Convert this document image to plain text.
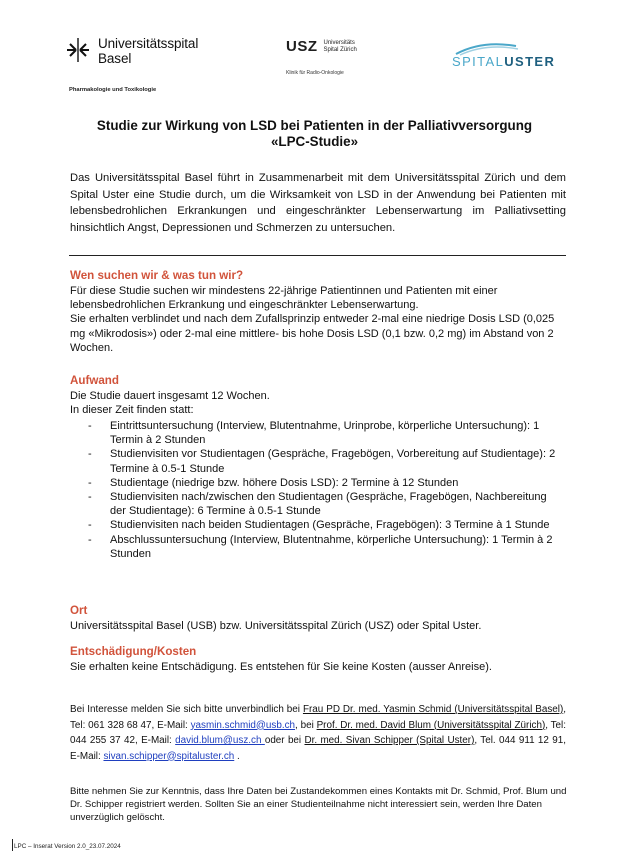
Universitätsspital
Basel
Pharmakologie und Toxikologie
USZ Universitäts
Spital Zürich
Klinik für Radio-Onkologie
SPITALUSTER
Studie zur Wirkung von LSD bei Patienten in der Palliativversorgung
«LPC-Studie»
Das Universitätsspital Basel führt in Zusammenarbeit mit dem Universitätsspital Zürich und dem Spital Uster eine Studie durch, um die Wirksamkeit von LSD in der Anwendung bei Patienten mit lebensbedrohlichen Erkrankungen und eingeschränkter Lebenserwartung im Palliativsetting hinsichtlich Angst, Depressionen und Schmerzen zu untersuchen.
Wen suchen wir & was tun wir?
Für diese Studie suchen wir mindestens 22-jährige Patientinnen und Patienten mit einer lebensbedrohlichen Erkrankung und eingeschränkter Lebenserwartung.
Sie erhalten verblindet und nach dem Zufallsprinzip entweder 2-mal eine niedrige Dosis LSD (0,025 mg «Mikrodosis») oder 2-mal eine mittlere- bis hohe Dosis LSD (0,1 bzw. 0,2 mg) im Abstand von 2 Wochen.
Aufwand
Die Studie dauert insgesamt 12 Wochen.
In dieser Zeit finden statt:
- Eintrittsuntersuchung (Interview, Blutentnahme, Urinprobe, körperliche Untersuchung): 1 Termin à 2 Stunden
- Studienvisiten vor Studientagen (Gespräche, Fragebögen, Vorbereitung auf Studientage): 2 Termine à 0.5-1 Stunde
- Studientage (niedrige bzw. höhere Dosis LSD): 2 Termine à 12 Stunden
- Studienvisiten nach/zwischen den Studientagen (Gespräche, Fragebögen, Nachbereitung der Studientage): 6 Termine à 0.5-1 Stunde
- Studienvisiten nach beiden Studientagen (Gespräche, Fragebögen): 3 Termine à 1 Stunde
- Abschlussuntersuchung (Interview, Blutentnahme, körperliche Untersuchung): 1 Termin à 2 Stunden
Ort
Universitätsspital Basel (USB) bzw. Universitätsspital Zürich (USZ) oder Spital Uster.
Entschädigung/Kosten
Sie erhalten keine Entschädigung. Es entstehen für Sie keine Kosten (ausser Anreise).
Bei Interesse melden Sie sich bitte unverbindlich bei Frau PD Dr. med. Yasmin Schmid (Universitätsspital Basel), Tel: 061 328 68 47, E-Mail: yasmin.schmid@usb.ch, bei Prof. Dr. med. David Blum (Universitätsspital Zürich), Tel: 044 255 37 42, E-Mail: david.blum@usz.ch oder bei Dr. med. Sivan Schipper (Spital Uster), Tel. 044 911 12 91, E-Mail: sivan.schipper@spitaluster.ch .
Bitte nehmen Sie zur Kenntnis, dass Ihre Daten bei Zustandekommen eines Kontakts mit Dr. Schmid, Prof. Blum und Dr. Schipper registriert werden. Sollten Sie an einer Studienteilnahme nicht interessiert sein, werden Ihre Daten unverzüglich gelöscht.
LPC – Inserat Version 2.0_23.07.2024
